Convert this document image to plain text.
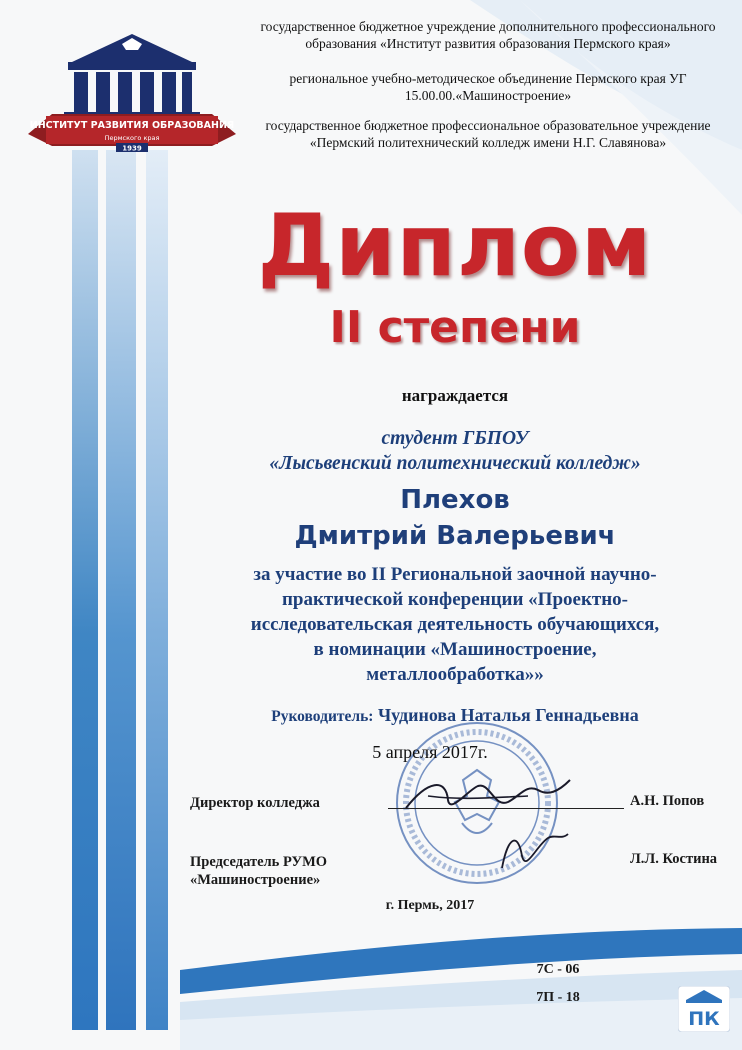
ИНСТИТУТ РАЗВИТИЯ ОБРАЗОВАНИЯ
Пермского края
1939
государственное бюджетное учреждение дополнительного профессионального образования «Институт развития образования Пермского края»
региональное учебно-методическое объединение Пермского края УГ 15.00.00.«Машиностроение»
государственное бюджетное профессиональное образовательное учреждение «Пермский политехнический колледж имени Н.Г. Славянова»
Диплом
II степени
награждается
студент ГБПОУ
«Лысьвенский политехнический колледж»
Плехов
Дмитрий Валерьевич
за участие во II Региональной заочной научно-
практической конференции «Проектно-
исследовательская деятельность обучающихся,
в номинации «Машиностроение,
металлообработка»»
Руководитель: Чудинова Наталья Геннадьевна
5 апреля 2017г.
Директор колледжа	А.Н. Попов
Председатель РУМО
«Машиностроение»
Л.Л. Костина
г. Пермь, 2017
7С - 06
7П - 18
ПК
